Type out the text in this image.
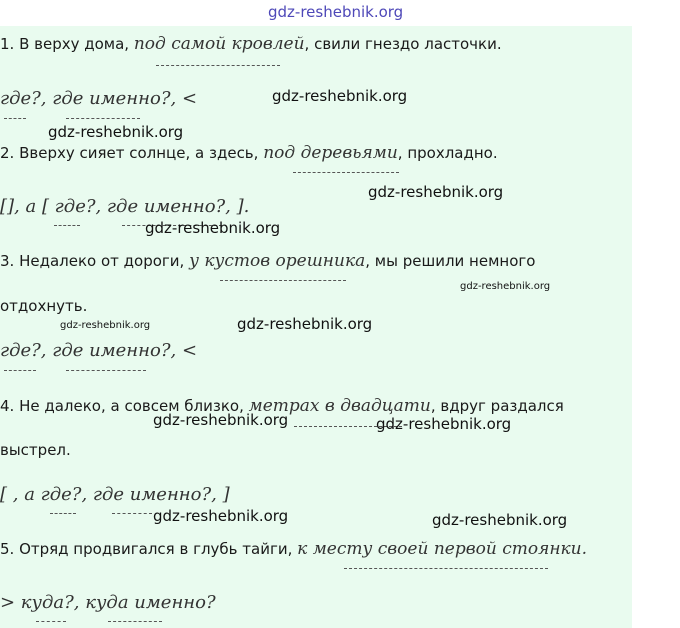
gdz-reshebnik.org
1. В верху дома, под самой кровлей, свили гнездо ласточки.
где?, где именно?, <	gdz-reshebnik.org
gdz-reshebnik.org
2. Вверху сияет солнце, а здесь, под деревьями, прохладно.
[], а [ где?, где именно?, ].
gdz-reshebnik.org
gdz-reshebnik.org
3. Недалеко от дороги, у кустов орешника, мы решили немного
отдохнуть.
gdz-reshebnik.org
gdz-reshebnik.org	gdz-reshebnik.org
где?, где именно?, <
4. Не далеко, а совсем близко, метрах в двадцати, вдруг раздался
gdz-reshebnik.org	gdz-reshebnik.org
выстрел.
[ , а где?, где именно?, ]
gdz-reshebnik.org	gdz-reshebnik.org
5. Отряд продвигался в глубь тайги, к месту своей первой стоянки.
> куда?, куда именно?
